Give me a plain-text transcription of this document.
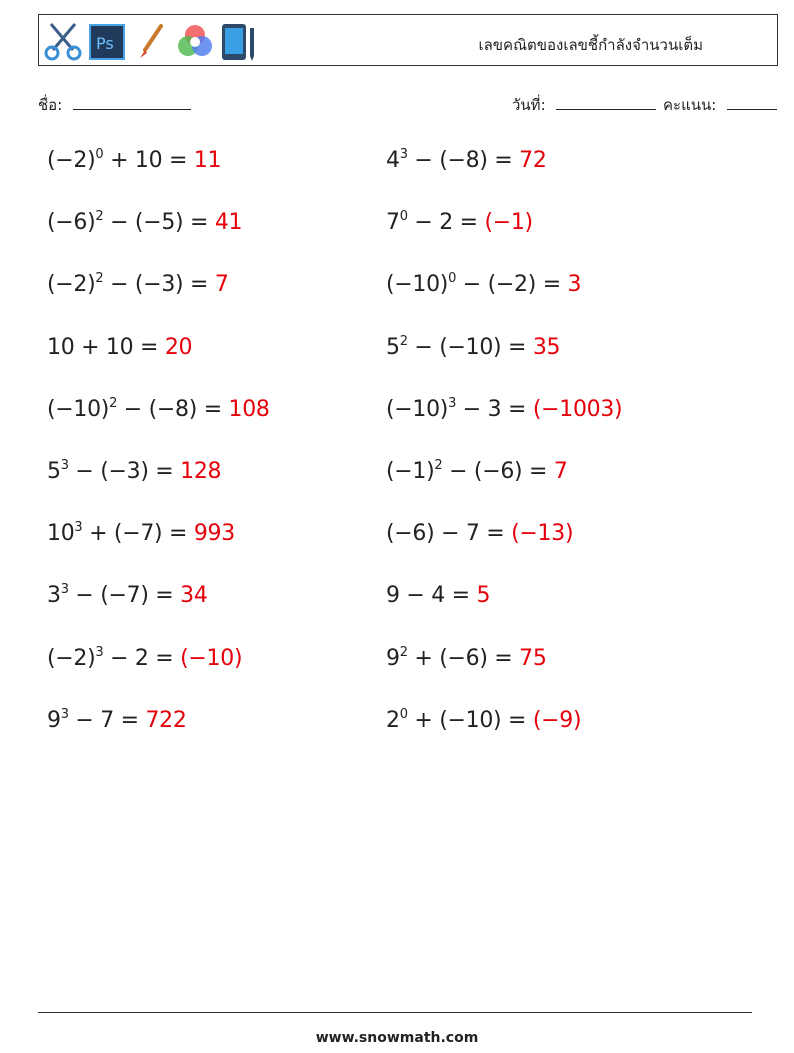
Ps	เลขคณิตของเลขชี้กำลังจำนวนเต็ม
ชื่อ:	วันที่:	คะแนน:
$(-2)^0 + 10 = 11$	$4^3 - (-8) = 72$
$(-6)^2 - (-5) = 41$	$7^0 - 2 = (-1)$
$(-2)^2 - (-3) = 7$	$(-10)^0 - (-2) = 3$
10 + 10 = 20	$5^2 - (-10) = 35$
$(-10)^2 - (-8) = 108$	$(-10)^3 - 3 = (-1003)$
$5^3 - (-3) = 128$	$(-1)^2 - (-6) = 7$
$10^3 + (-7) = 993$	(−6) − 7 = (−13)
$3^3 - (-7) = 34$	9 − 4 = 5
$(-2)^3 - 2 = (-10)$	$9^2 + (-6) = 75$
$9^3 - 7 = 722$	$2^0 + (-10) = (-9)$
www.snowmath.com
